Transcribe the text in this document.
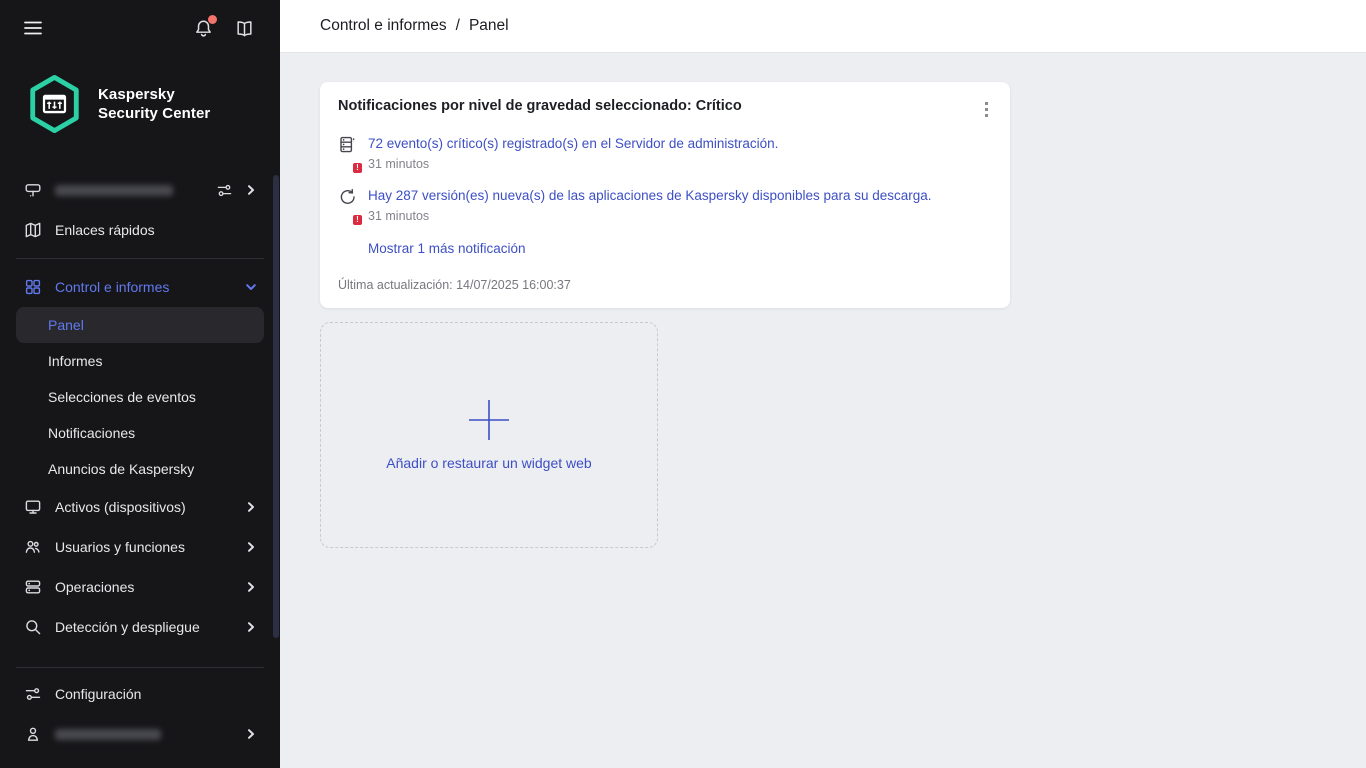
Kaspersky
Security Center
Enlaces rápidos
Control e informes
Panel
Informes
Selecciones de eventos
Notificaciones
Anuncios de Kaspersky
Activos (dispositivos)
Usuarios y funciones
Operaciones
Detección y despliegue
Configuración
Control e informes / Panel
Notificaciones por nivel de gravedad seleccionado: Crítico
!
72 evento(s) crítico(s) registrado(s) en el Servidor de administración.
31 minutos
!
Hay 287 versión(es) nueva(s) de las aplicaciones de Kaspersky disponibles para su descarga.
31 minutos
Mostrar 1 más notificación
Última actualización: 14/07/2025 16:00:37
Añadir o restaurar un widget web
